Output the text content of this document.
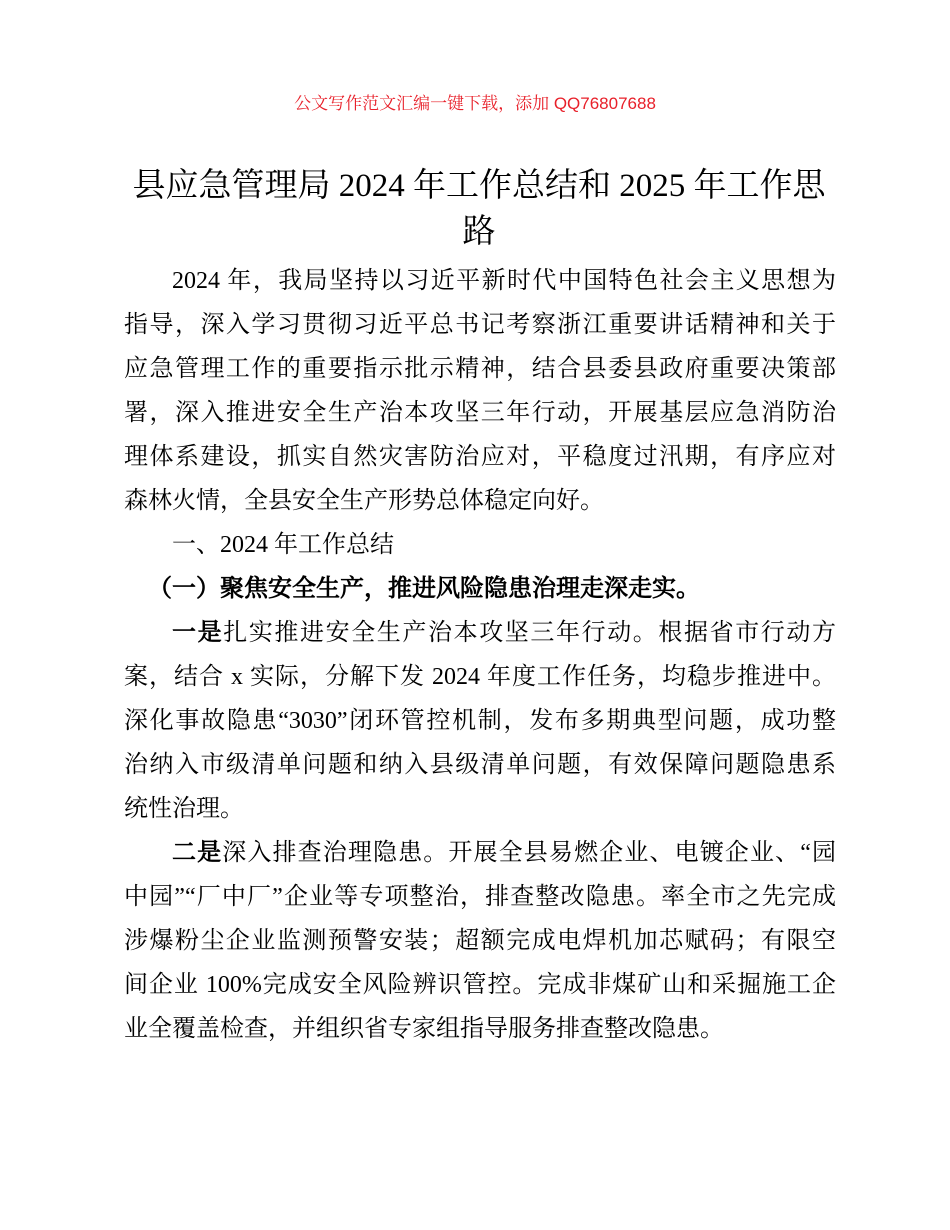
公文写作范文汇编一键下载，添加 QQ76807688
县应急管理局 2024 年工作总结和 2025 年工作思
路
2024 年，我局坚持以习近平新时代中国特色社会主义思想为
指导，深入学习贯彻习近平总书记考察浙江重要讲话精神和关于
应急管理工作的重要指示批示精神，结合县委县政府重要决策部
署，深入推进安全生产治本攻坚三年行动，开展基层应急消防治
理体系建设，抓实自然灾害防治应对，平稳度过汛期，有序应对
森林火情，全县安全生产形势总体稳定向好。
一、2024 年工作总结
（一）聚焦安全生产，推进风险隐患治理走深走实。
一是扎实推进安全生产治本攻坚三年行动。根据省市行动方
案，结合 x 实际，分解下发 2024 年度工作任务，均稳步推进中。
深化事故隐患“3030”闭环管控机制，发布多期典型问题，成功整
治纳入市级清单问题和纳入县级清单问题，有效保障问题隐患系
统性治理。
二是深入排查治理隐患。开展全县易燃企业、电镀企业、“园
中园”“厂中厂”企业等专项整治，排查整改隐患。率全市之先完成
涉爆粉尘企业监测预警安装；超额完成电焊机加芯赋码；有限空
间企业 100%完成安全风险辨识管控。完成非煤矿山和采掘施工企
业全覆盖检查，并组织省专家组指导服务排查整改隐患。
